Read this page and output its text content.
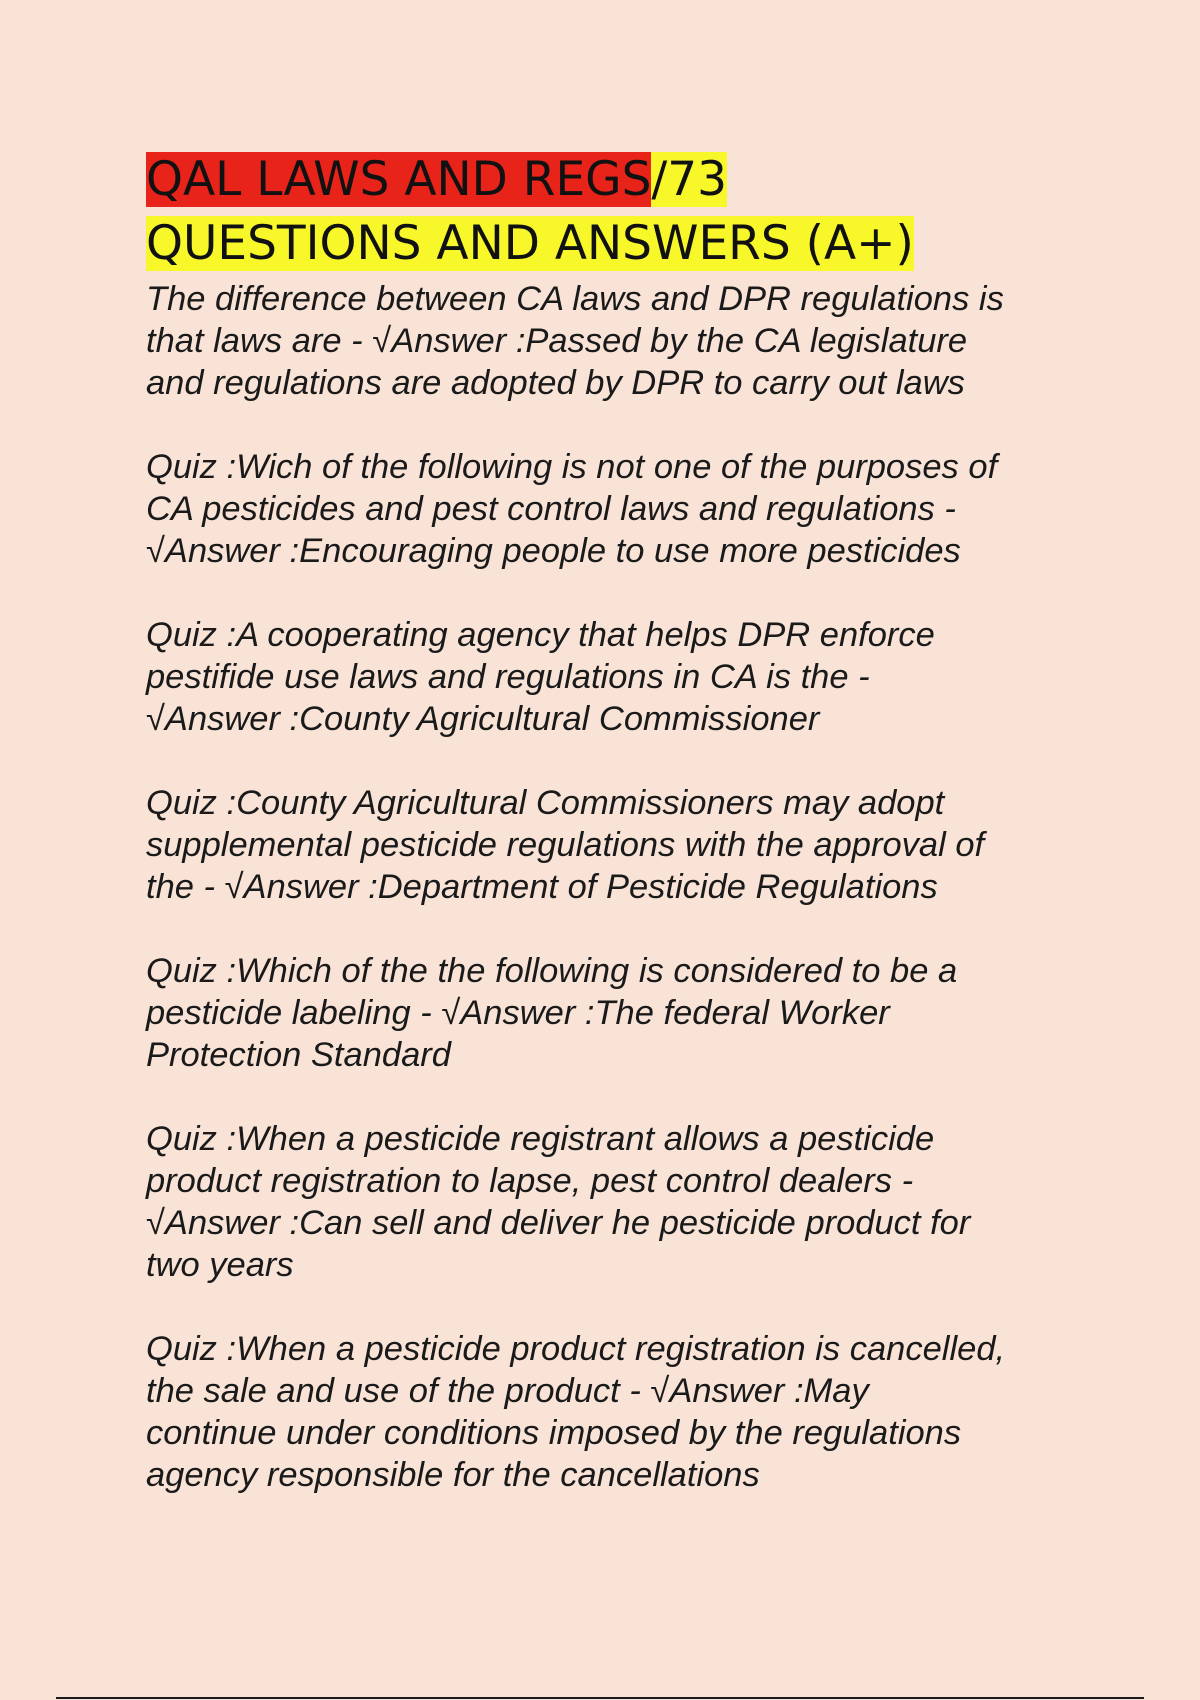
QAL LAWS AND REGS/73
QUESTIONS AND ANSWERS (A+)

The difference between CA laws and DPR regulations is
that laws are - √Answer :Passed by the CA legislature
and regulations are adopted by DPR to carry out laws

Quiz :Wich of the following is not one of the purposes of
CA pesticides and pest control laws and regulations -
√Answer :Encouraging people to use more pesticides

Quiz :A cooperating agency that helps DPR enforce
pestifide use laws and regulations in CA is the -
√Answer :County Agricultural Commissioner

Quiz :County Agricultural Commissioners may adopt
supplemental pesticide regulations with the approval of
the - √Answer :Department of Pesticide Regulations

Quiz :Which of the the following is considered to be a
pesticide labeling - √Answer :The federal Worker
Protection Standard

Quiz :When a pesticide registrant allows a pesticide
product registration to lapse, pest control dealers -
√Answer :Can sell and deliver he pesticide product for
two years

Quiz :When a pesticide product registration is cancelled,
the sale and use of the product - √Answer :May
continue under conditions imposed by the regulations
agency responsible for the cancellations
